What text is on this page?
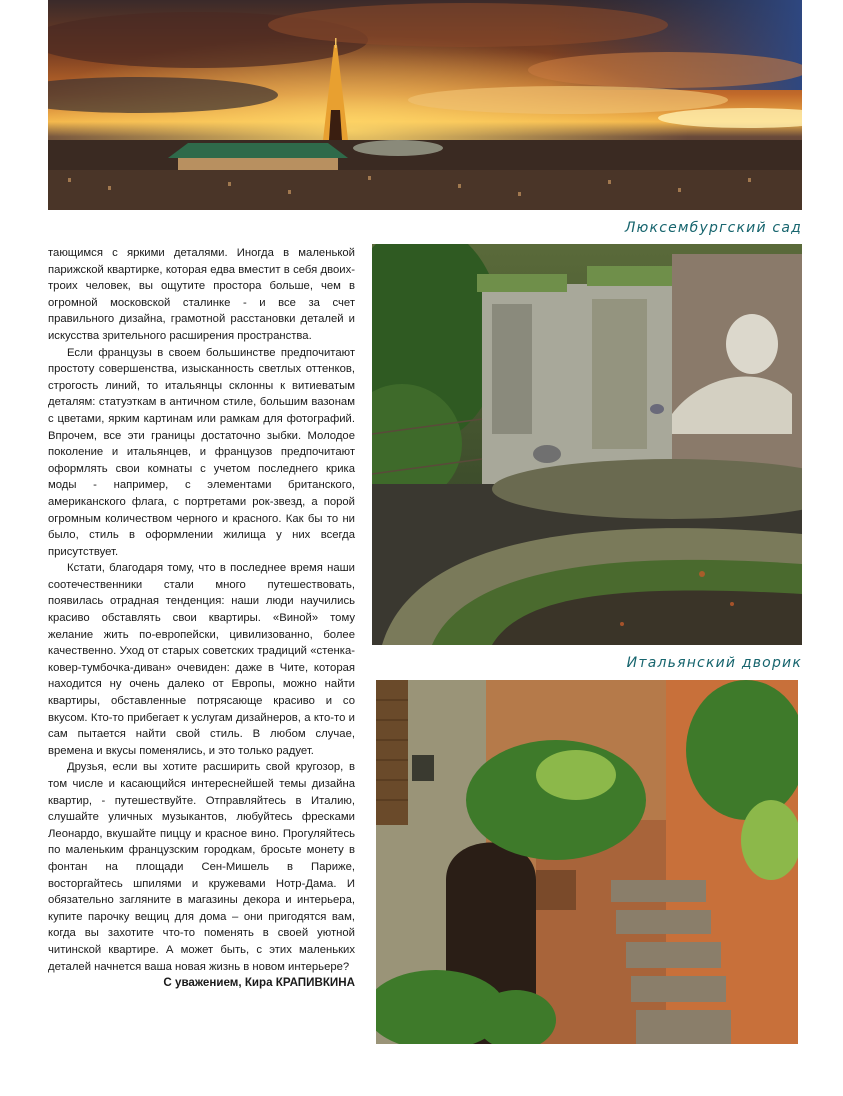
Люксембургский сад
Итальянский дворик

тающимся с яркими деталями. Иногда в маленькой парижской квартирке, которая едва вместит в себя двоих-троих человек, вы ощутите простора больше, чем в огромной московской сталинке - и все за счет правильного дизайна, грамотной расстановки деталей и искусства зрительного расширения пространства.

Если французы в своем большинстве предпочитают простоту совершенства, изысканность светлых оттенков, строгость линий, то итальянцы склонны к витиеватым деталям: статуэткам в античном стиле, большим вазонам с цветами, ярким картинам или рамкам для фотографий. Впрочем, все эти границы достаточно зыбки. Молодое поколение и итальянцев, и французов предпочитают оформлять свои комнаты с учетом последнего крика моды - например, с элементами британского, американского флага, с портретами рок-звезд, а порой огромным количеством черного и красного. Как бы то ни было, стиль в оформлении жилища у них всегда присутствует.

Кстати, благодаря тому, что в последнее время наши соотечественники стали много путешествовать, появилась отрадная тенденция: наши люди научились красиво обставлять свои квартиры. «Виной» тому желание жить по-европейски, цивилизованно, более качественно. Уход от старых советских традиций «стенка-ковер-тумбочка-диван» очевиден: даже в Чите, которая находится ну очень далеко от Европы, можно найти квартиры, обставленные потрясающе красиво и со вкусом. Кто-то прибегает к услугам дизайнеров, а кто-то и сам пытается найти свой стиль. В любом случае, времена и вкусы поменялись, и это только радует.

Друзья, если вы хотите расширить свой кругозор, в том числе и касающийся интереснейшей темы дизайна квартир, - путешествуйте. Отправляйтесь в Италию, слушайте уличных музыкантов, любуйтесь фресками Леонардо, вкушайте пиццу и красное вино. Прогуляйтесь по маленьким французским городкам, бросьте монету в фонтан на площади Сен-Мишель в Париже, восторгайтесь шпилями и кружевами Нотр-Дама. И обязательно загляните в магазины декора и интерьера, купите парочку вещиц для дома – они пригодятся вам, когда вы захотите что-то поменять в своей уютной читинской квартире. А может быть, с этих маленьких деталей начнется ваша новая жизнь в новом интерьере?

С уважением, Кира КРАПИВКИНА
